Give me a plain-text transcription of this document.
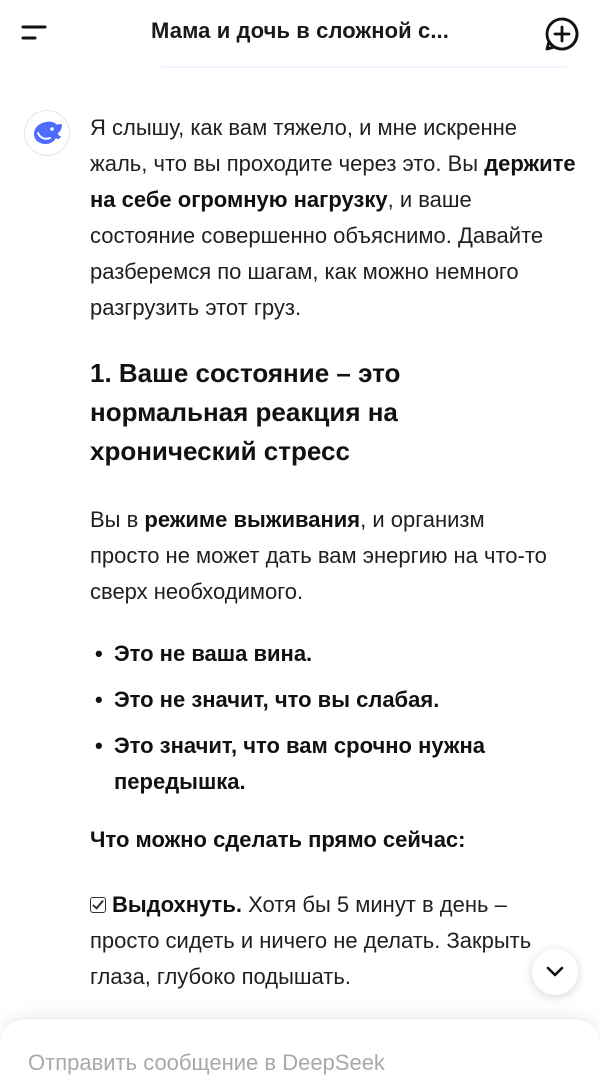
Мама и дочь в сложной с...

Я слышу, как вам тяжело, и мне искренне жаль, что вы проходите через это. Вы держите на себе огромную нагрузку, и ваше состояние совершенно объяснимо. Давайте разберемся по шагам, как можно немного разгрузить этот груз.

1. Ваше состояние – это нормальная реакция на хронический стресс

Вы в режиме выживания, и организм просто не может дать вам энергию на что-то сверх необходимого.

• Это не ваша вина.
• Это не значит, что вы слабая.
• Это значит, что вам срочно нужна передышка.

Что можно сделать прямо сейчас:

Выдохнуть. Хотя бы 5 минут в день – просто сидеть и ничего не делать. Закрыть глаза, глубоко подышать.

Отправить сообщение в DeepSeek
